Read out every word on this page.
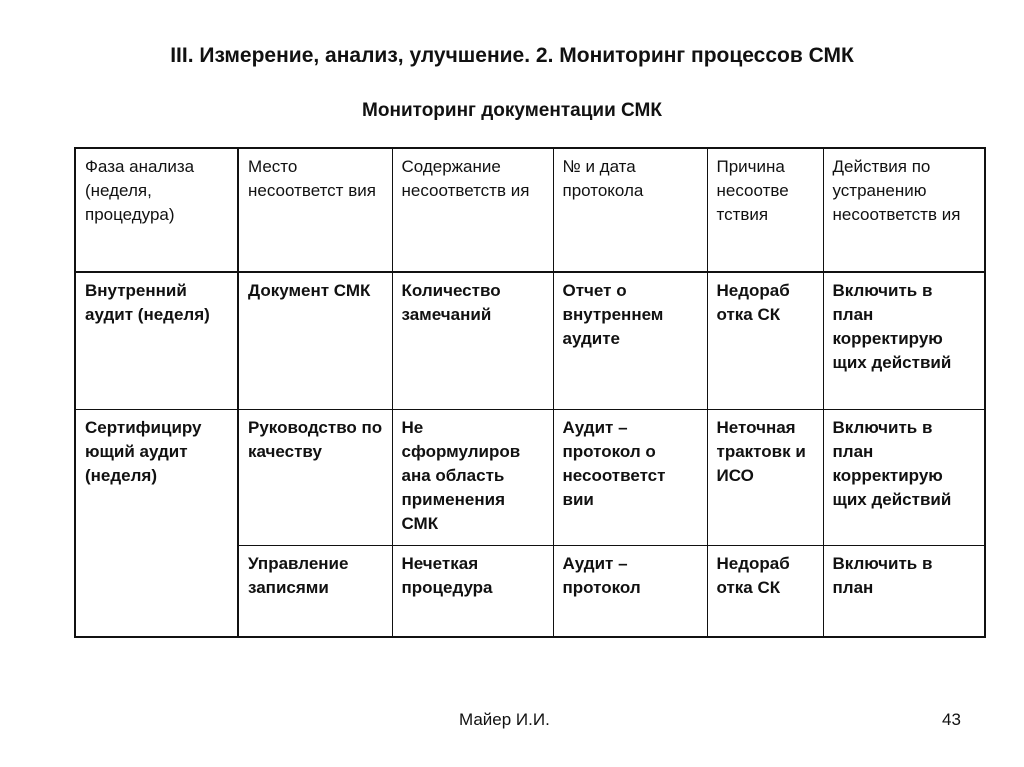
III. Измерение, анализ, улучшение. 2. Мониторинг процессов СМК
Мониторинг документации СМК
Фаза анализа (неделя, процедура)	Место несоответст вия	Содержание несоответств ия	№ и дата протокола	Причина несоотве тствия	Действия по устранению несоответств ия
Внутренний аудит (неделя)	Документ СМК	Количество замечаний	Отчет о внутреннем аудите	Недораб отка СК	Включить в план корректирую щих действий
Сертифициру ющий аудит (неделя)	Руководство по качеству	Не сформулиров ана область применения СМК	Аудит – протокол о несоответст вии	Неточная трактовк и ИСО	Включить в план корректирую щих действий
	Управление записями	Нечеткая процедура	Аудит – протокол	Недораб отка СК	Включить в план
Майер И.И.	43
